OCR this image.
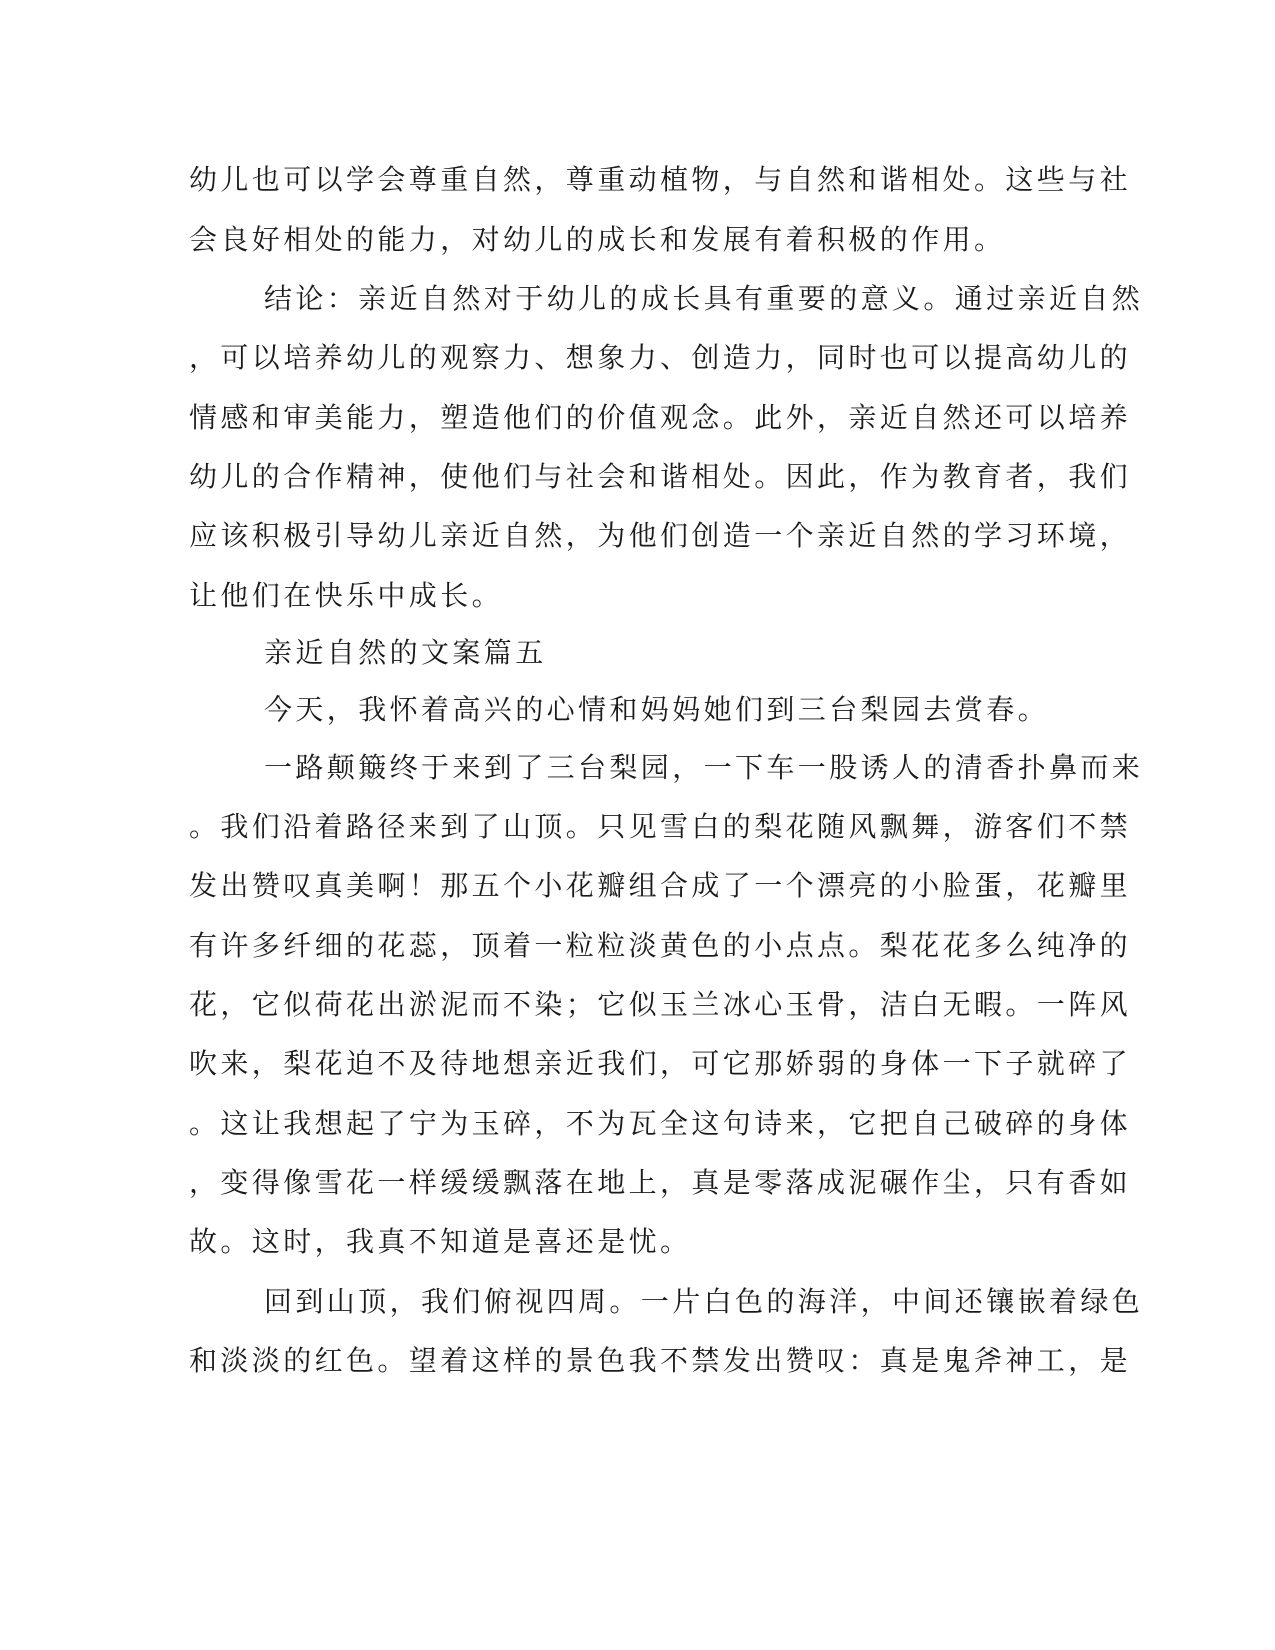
幼儿也可以学会尊重自然，尊重动植物，与自然和谐相处。这些与社

会良好相处的能力，对幼儿的成长和发展有着积极的作用。

结论：亲近自然对于幼儿的成长具有重要的意义。通过亲近自然

，可以培养幼儿的观察力、想象力、创造力，同时也可以提高幼儿的

情感和审美能力，塑造他们的价值观念。此外，亲近自然还可以培养

幼儿的合作精神，使他们与社会和谐相处。因此，作为教育者，我们

应该积极引导幼儿亲近自然，为他们创造一个亲近自然的学习环境，

让他们在快乐中成长。

亲近自然的文案篇五

今天，我怀着高兴的心情和妈妈她们到三台梨园去赏春。

一路颠簸终于来到了三台梨园，一下车一股诱人的清香扑鼻而来

。我们沿着路径来到了山顶。只见雪白的梨花随风飘舞，游客们不禁

发出赞叹真美啊！那五个小花瓣组合成了一个漂亮的小脸蛋，花瓣里

有许多纤细的花蕊，顶着一粒粒淡黄色的小点点。梨花花多么纯净的

花，它似荷花出淤泥而不染；它似玉兰冰心玉骨，洁白无暇。一阵风

吹来，梨花迫不及待地想亲近我们，可它那娇弱的身体一下子就碎了

。这让我想起了宁为玉碎，不为瓦全这句诗来，它把自己破碎的身体

，变得像雪花一样缓缓飘落在地上，真是零落成泥碾作尘，只有香如

故。这时，我真不知道是喜还是忧。

回到山顶，我们俯视四周。一片白色的海洋，中间还镶嵌着绿色

和淡淡的红色。望着这样的景色我不禁发出赞叹：真是鬼斧神工，是
